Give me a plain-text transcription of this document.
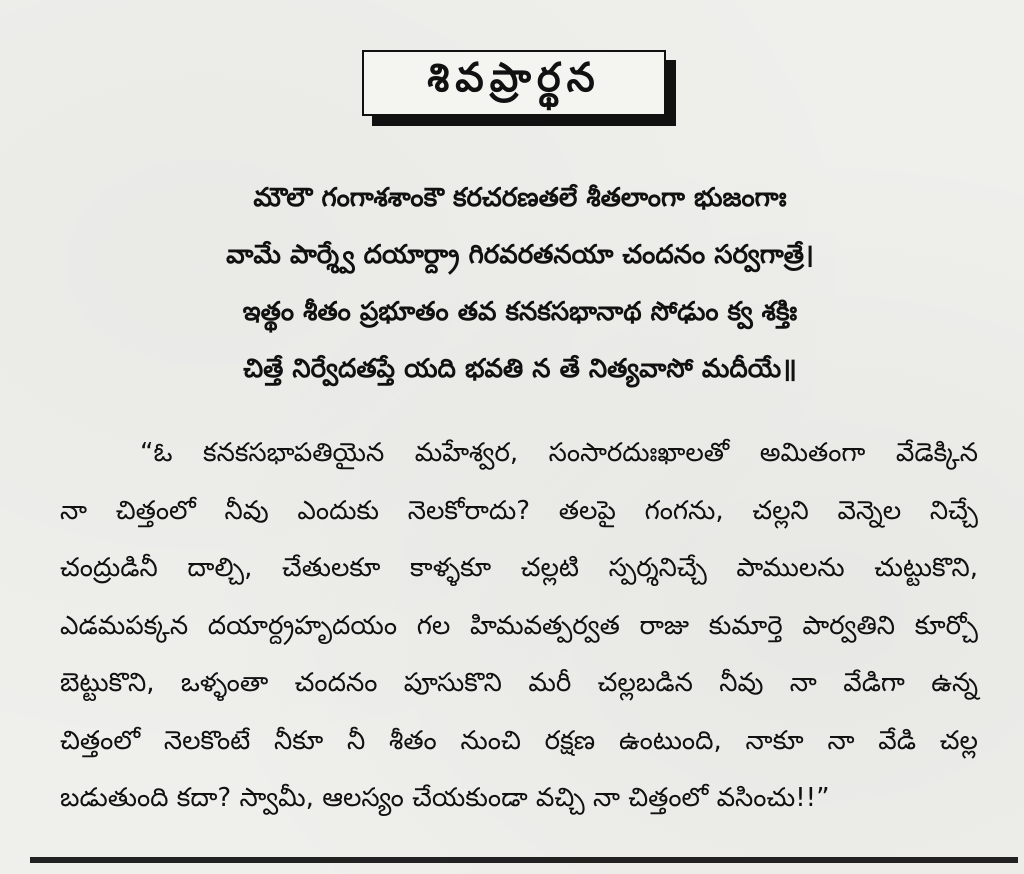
శివప్రార్థన
మౌలౌ గంగాశశాంకౌ కరచరణతలే శీతలాంగా భుజంగాః
వామే పార్శ్వే దయార్ద్రా గిరవరతనయా చందనం సర్వగాత్రే।
ఇత్థం శీతం ప్రభూతం తవ కనకసభానాథ సోఢుం క్వ శక్తిః
చిత్తే నిర్వేదతప్తే యది భవతి న తే నిత్యవాసో మదీయే॥
“ఓ కనకసభాపతియైన మహేశ్వర, సంసారదుఃఖాలతో అమితంగా వేడెక్కిన
నా చిత్తంలో నీవు ఎందుకు నెలకోరాదు? తలపై గంగను, చల్లని వెన్నెల నిచ్చే
చంద్రుడినీ దాల్చి, చేతులకూ కాళ్ళకూ చల్లటి స్పర్శనిచ్చే పాములను చుట్టుకొని,
ఎడమపక్కన దయార్ద్రహృదయం గల హిమవత్పర్వత రాజు కుమార్తె పార్వతిని కూర్చో
బెట్టుకొని, ఒళ్ళంతా చందనం పూసుకొని మరీ చల్లబడిన నీవు నా వేడిగా ఉన్న
చిత్తంలో నెలకొంటే నీకూ నీ శీతం నుంచి రక్షణ ఉంటుంది, నాకూ నా వేడి చల్ల
బడుతుంది కదా? స్వామీ, ఆలస్యం చేయకుండా వచ్చి నా చిత్తంలో వసించు!!”
